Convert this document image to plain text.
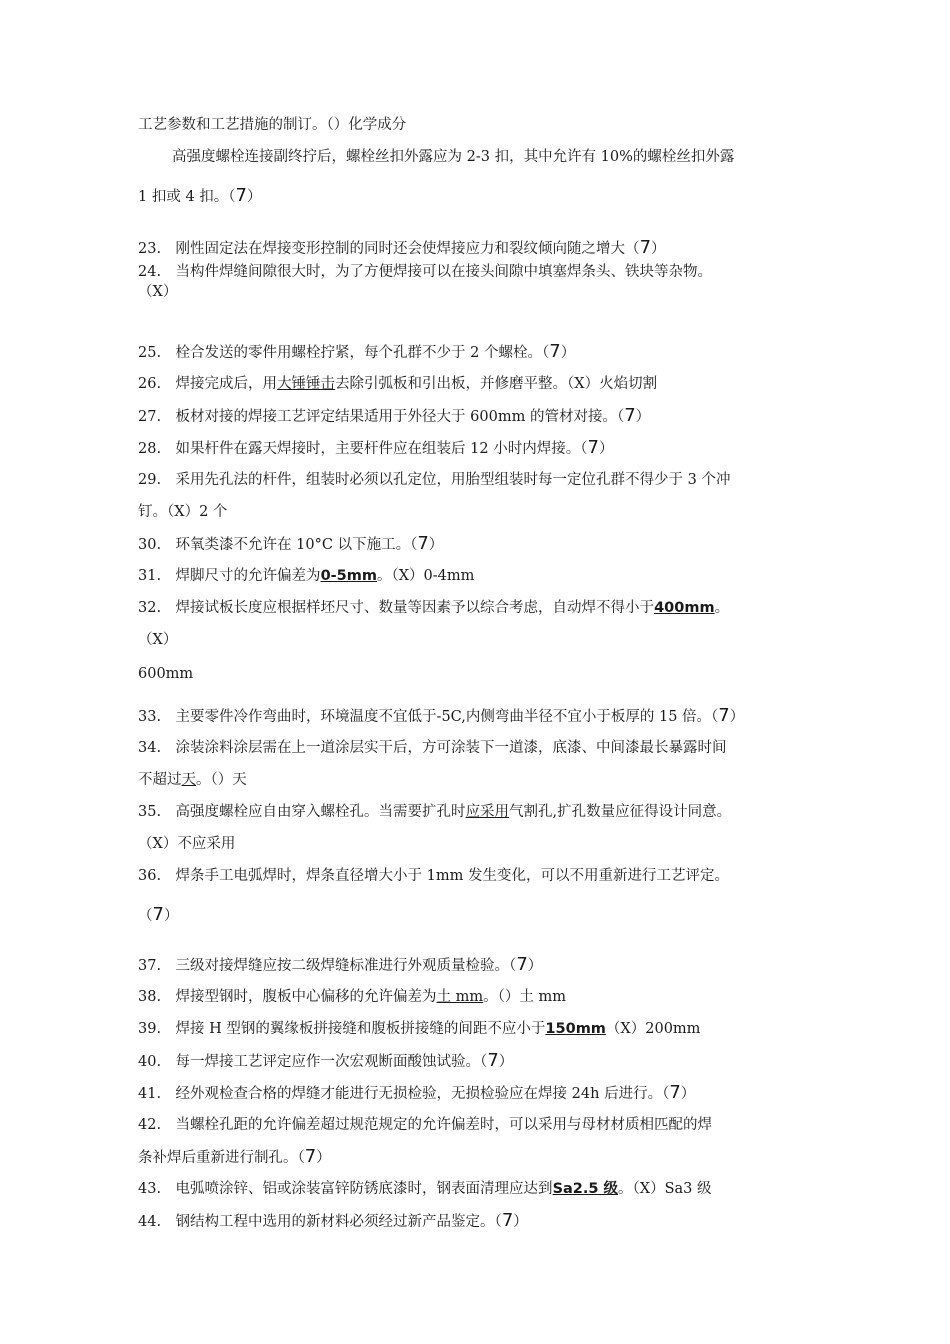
工艺参数和工艺措施的制订。（）化学成分
高强度螺栓连接副终拧后，螺栓丝扣外露应为 2-3 扣，其中允许有 10%的螺栓丝扣外露
1 扣或 4 扣。（7）
23.　刚性固定法在焊接变形控制的同时还会使焊接应力和裂纹倾向随之增大（7）
24.　当构件焊缝间隙很大时，为了方便焊接可以在接头间隙中填塞焊条头、铁块等杂物。
（X）
25.　栓合发送的零件用螺栓拧紧，每个孔群不少于 2 个螺栓。（7）
26.　焊接完成后，用大锤锤击去除引弧板和引出板，并修磨平整。（X）火焰切割
27.　板材对接的焊接工艺评定结果适用于外径大于 600mm 的管材对接。（7）
28.　如果杆件在露天焊接时，主要杆件应在组装后 12 小时内焊接。（7）
29.　采用先孔法的杆件，组装时必须以孔定位，用胎型组装时每一定位孔群不得少于 3 个冲
钉。（X）2 个
30.　环氧类漆不允许在 10°C 以下施工。（7）
31.　焊脚尺寸的允许偏差为0-5mm。（X）0-4mm
32.　焊接试板长度应根据样坯尺寸、数量等因素予以综合考虑，自动焊不得小于400mm。
（X）
600mm
33.　主要零件冷作弯曲时，环境温度不宜低于-5C,内侧弯曲半径不宜小于板厚的 15 倍。（7）
34.　涂装涂料涂层需在上一道涂层实干后，方可涂装下一道漆，底漆、中间漆最长暴露时间
不超过天。（）天
35.　高强度螺栓应自由穿入螺栓孔。当需要扩孔时应采用气割孔,扩孔数量应征得设计同意。
（X）不应采用
36.　焊条手工电弧焊时，焊条直径增大小于 1mm 发生变化，可以不用重新进行工艺评定。
（7）
37.　三级对接焊缝应按二级焊缝标准进行外观质量检验。（7）
38.　焊接型钢时，腹板中心偏移的允许偏差为土 mm。（）土 mm
39.　焊接 H 型钢的翼缘板拼接缝和腹板拼接缝的间距不应小于150mm（X）200mm
40.　每一焊接工艺评定应作一次宏观断面酸蚀试验。（7）
41.　经外观检查合格的焊缝才能进行无损检验，无损检验应在焊接 24h 后进行。（7）
42.　当螺栓孔距的允许偏差超过规范规定的允许偏差时，可以采用与母材材质相匹配的焊
条补焊后重新进行制孔。（7）
43.　电弧喷涂锌、铝或涂装富锌防锈底漆时，钢表面清理应达到Sa2.5 级。（X）Sa3 级
44.　钢结构工程中选用的新材料必须经过新产品鉴定。（7）
